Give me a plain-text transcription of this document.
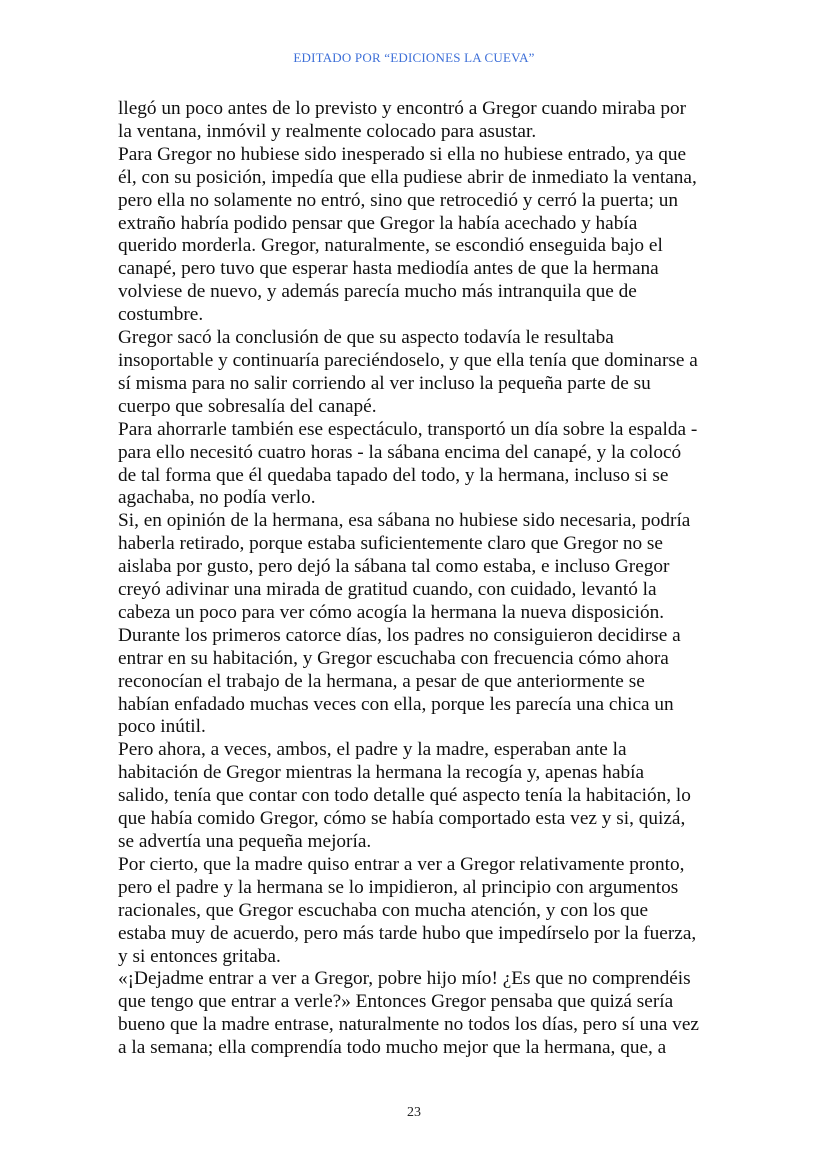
EDITADO POR “EDICIONES LA CUEVA”

llegó un poco antes de lo previsto y encontró a Gregor cuando miraba por
la ventana, inmóvil y realmente colocado para asustar.

Para Gregor no hubiese sido inesperado si ella no hubiese entrado, ya que
él, con su posición, impedía que ella pudiese abrir de inmediato la ventana,
pero ella no solamente no entró, sino que retrocedió y cerró la puerta; un
extraño habría podido pensar que Gregor la había acechado y había
querido morderla. Gregor, naturalmente, se escondió enseguida bajo el
canapé, pero tuvo que esperar hasta mediodía antes de que la hermana
volviese de nuevo, y además parecía mucho más intranquila que de
costumbre.

Gregor sacó la conclusión de que su aspecto todavía le resultaba
insoportable y continuaría pareciéndoselo, y que ella tenía que dominarse a
sí misma para no salir corriendo al ver incluso la pequeña parte de su
cuerpo que sobresalía del canapé.

Para ahorrarle también ese espectáculo, transportó un día sobre la espalda -
para ello necesitó cuatro horas - la sábana encima del canapé, y la colocó
de tal forma que él quedaba tapado del todo, y la hermana, incluso si se
agachaba, no podía verlo.

Si, en opinión de la hermana, esa sábana no hubiese sido necesaria, podría
haberla retirado, porque estaba suficientemente claro que Gregor no se
aislaba por gusto, pero dejó la sábana tal como estaba, e incluso Gregor
creyó adivinar una mirada de gratitud cuando, con cuidado, levantó la
cabeza un poco para ver cómo acogía la hermana la nueva disposición.

Durante los primeros catorce días, los padres no consiguieron decidirse a
entrar en su habitación, y Gregor escuchaba con frecuencia cómo ahora
reconocían el trabajo de la hermana, a pesar de que anteriormente se
habían enfadado muchas veces con ella, porque les parecía una chica un
poco inútil.

Pero ahora, a veces, ambos, el padre y la madre, esperaban ante la
habitación de Gregor mientras la hermana la recogía y, apenas había
salido, tenía que contar con todo detalle qué aspecto tenía la habitación, lo
que había comido Gregor, cómo se había comportado esta vez y si, quizá,
se advertía una pequeña mejoría.

Por cierto, que la madre quiso entrar a ver a Gregor relativamente pronto,
pero el padre y la hermana se lo impidieron, al principio con argumentos
racionales, que Gregor escuchaba con mucha atención, y con los que
estaba muy de acuerdo, pero más tarde hubo que impedírselo por la fuerza,
y si entonces gritaba.

«¡Dejadme entrar a ver a Gregor, pobre hijo mío! ¿Es que no comprendéis
que tengo que entrar a verle?» Entonces Gregor pensaba que quizá sería
bueno que la madre entrase, naturalmente no todos los días, pero sí una vez
a la semana; ella comprendía todo mucho mejor que la hermana, que, a

23
